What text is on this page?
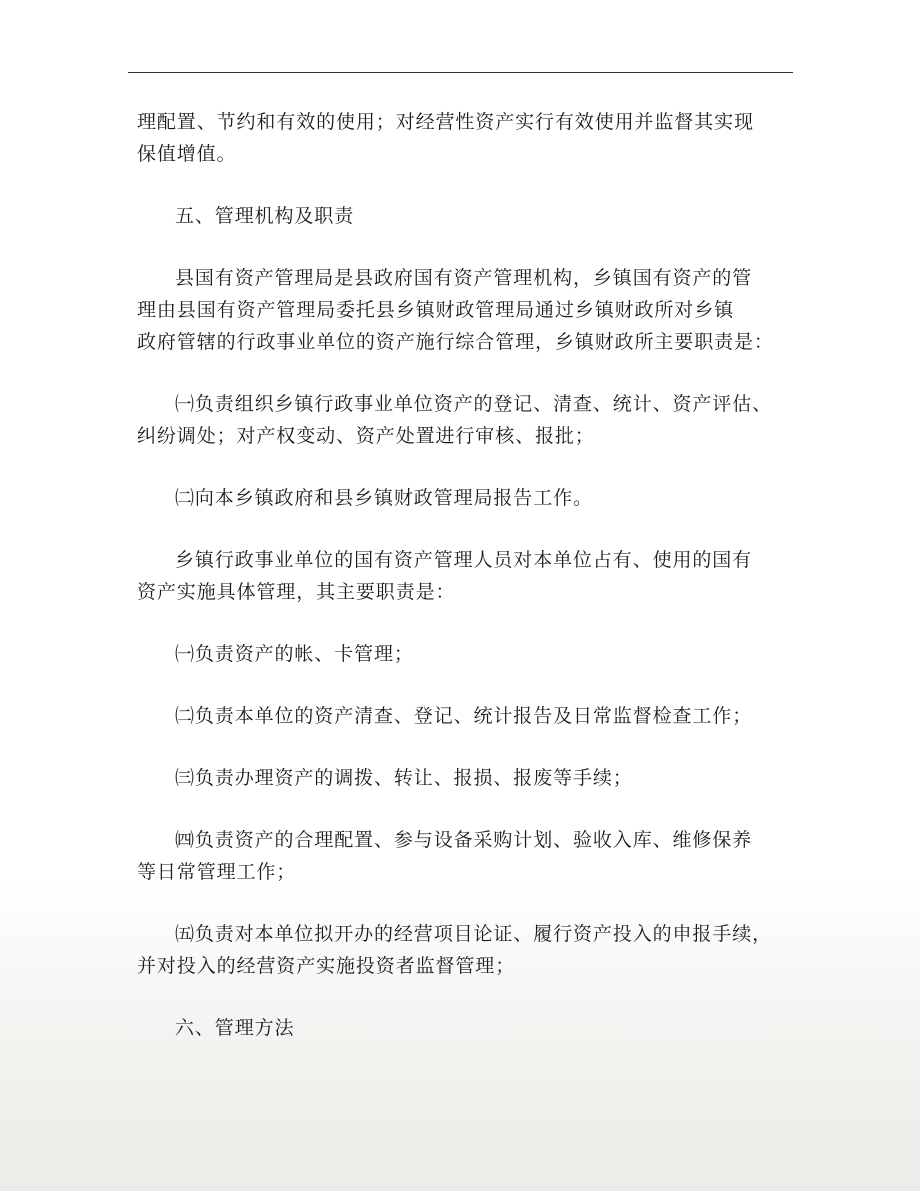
理配置、节约和有效的使用；对经营性资产实行有效使用并监督其实现
保值增值。

五、管理机构及职责

县国有资产管理局是县政府国有资产管理机构，乡镇国有资产的管
理由县国有资产管理局委托县乡镇财政管理局通过乡镇财政所对乡镇
政府管辖的行政事业单位的资产施行综合管理，乡镇财政所主要职责是：

㈠负责组织乡镇行政事业单位资产的登记、清查、统计、资产评估、
纠纷调处；对产权变动、资产处置进行审核、报批；

㈡向本乡镇政府和县乡镇财政管理局报告工作。

乡镇行政事业单位的国有资产管理人员对本单位占有、使用的国有
资产实施具体管理，其主要职责是：

㈠负责资产的帐、卡管理；

㈡负责本单位的资产清查、登记、统计报告及日常监督检查工作；

㈢负责办理资产的调拨、转让、报损、报废等手续；

㈣负责资产的合理配置、参与设备采购计划、验收入库、维修保养
等日常管理工作；

㈤负责对本单位拟开办的经营项目论证、履行资产投入的申报手续，
并对投入的经营资产实施投资者监督管理；

六、管理方法
